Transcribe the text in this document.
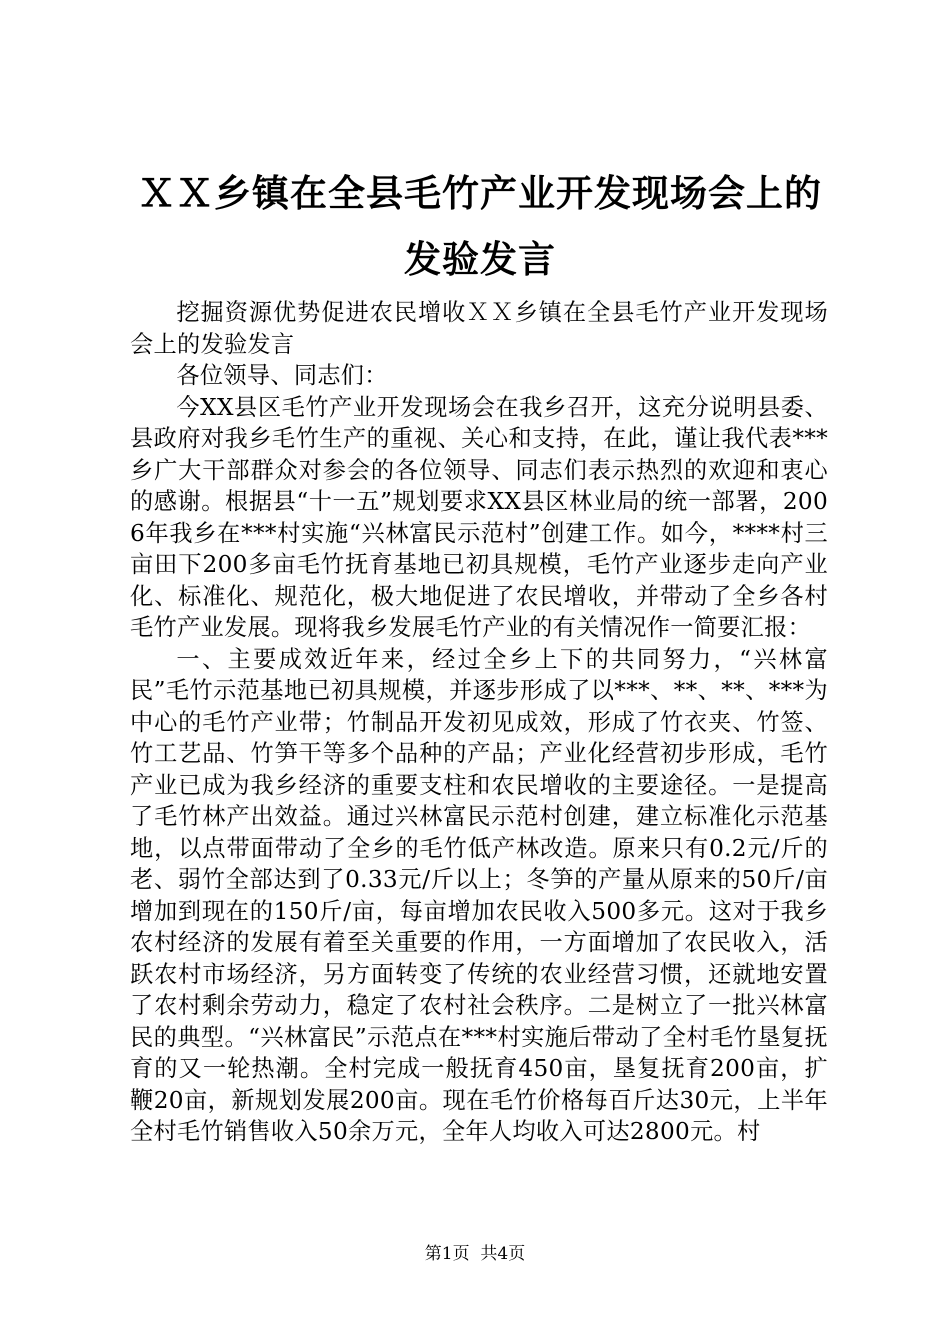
ＸＸ乡镇在全县毛竹产业开发现场会上的发验发言

挖掘资源优势促进农民增收ＸＸ乡镇在全县毛竹产业开发现场会上的发验发言

各位领导、同志们：

今XX县区毛竹产业开发现场会在我乡召开，这充分说明县委、县政府对我乡毛竹生产的重视、关心和支持，在此，谨让我代表***乡广大干部群众对参会的各位领导、同志们表示热烈的欢迎和衷心的感谢。根据县“十一五”规划要求XX县区林业局的统一部署，2006年我乡在***村实施“兴林富民示范村”创建工作。如今，****村三亩田下200多亩毛竹抚育基地已初具规模，毛竹产业逐步走向产业化、标准化、规范化，极大地促进了农民增收，并带动了全乡各村毛竹产业发展。现将我乡发展毛竹产业的有关情况作一简要汇报：

一、主要成效近年来，经过全乡上下的共同努力，“兴林富民”毛竹示范基地已初具规模，并逐步形成了以***、**、**、***为中心的毛竹产业带；竹制品开发初见成效，形成了竹衣夹、竹签、竹工艺品、竹笋干等多个品种的产品；产业化经营初步形成，毛竹产业已成为我乡经济的重要支柱和农民增收的主要途径。一是提高了毛竹林产出效益。通过兴林富民示范村创建，建立标准化示范基地，以点带面带动了全乡的毛竹低产林改造。原来只有0.2元/斤的老、弱竹全部达到了0.33元/斤以上；冬笋的产量从原来的50斤/亩增加到现在的150斤/亩，每亩增加农民收入500多元。这对于我乡农村经济的发展有着至关重要的作用，一方面增加了农民收入，活跃农村市场经济，另方面转变了传统的农业经营习惯，还就地安置了农村剩余劳动力，稳定了农村社会秩序。二是树立了一批兴林富民的典型。“兴林富民”示范点在***村实施后带动了全村毛竹垦复抚育的又一轮热潮。全村完成一般抚育450亩，垦复抚育200亩，扩鞭20亩，新规划发展200亩。现在毛竹价格每百斤达30元，上半年全村毛竹销售收入50余万元，全年人均收入可达2800元。村

第1页 共4页
